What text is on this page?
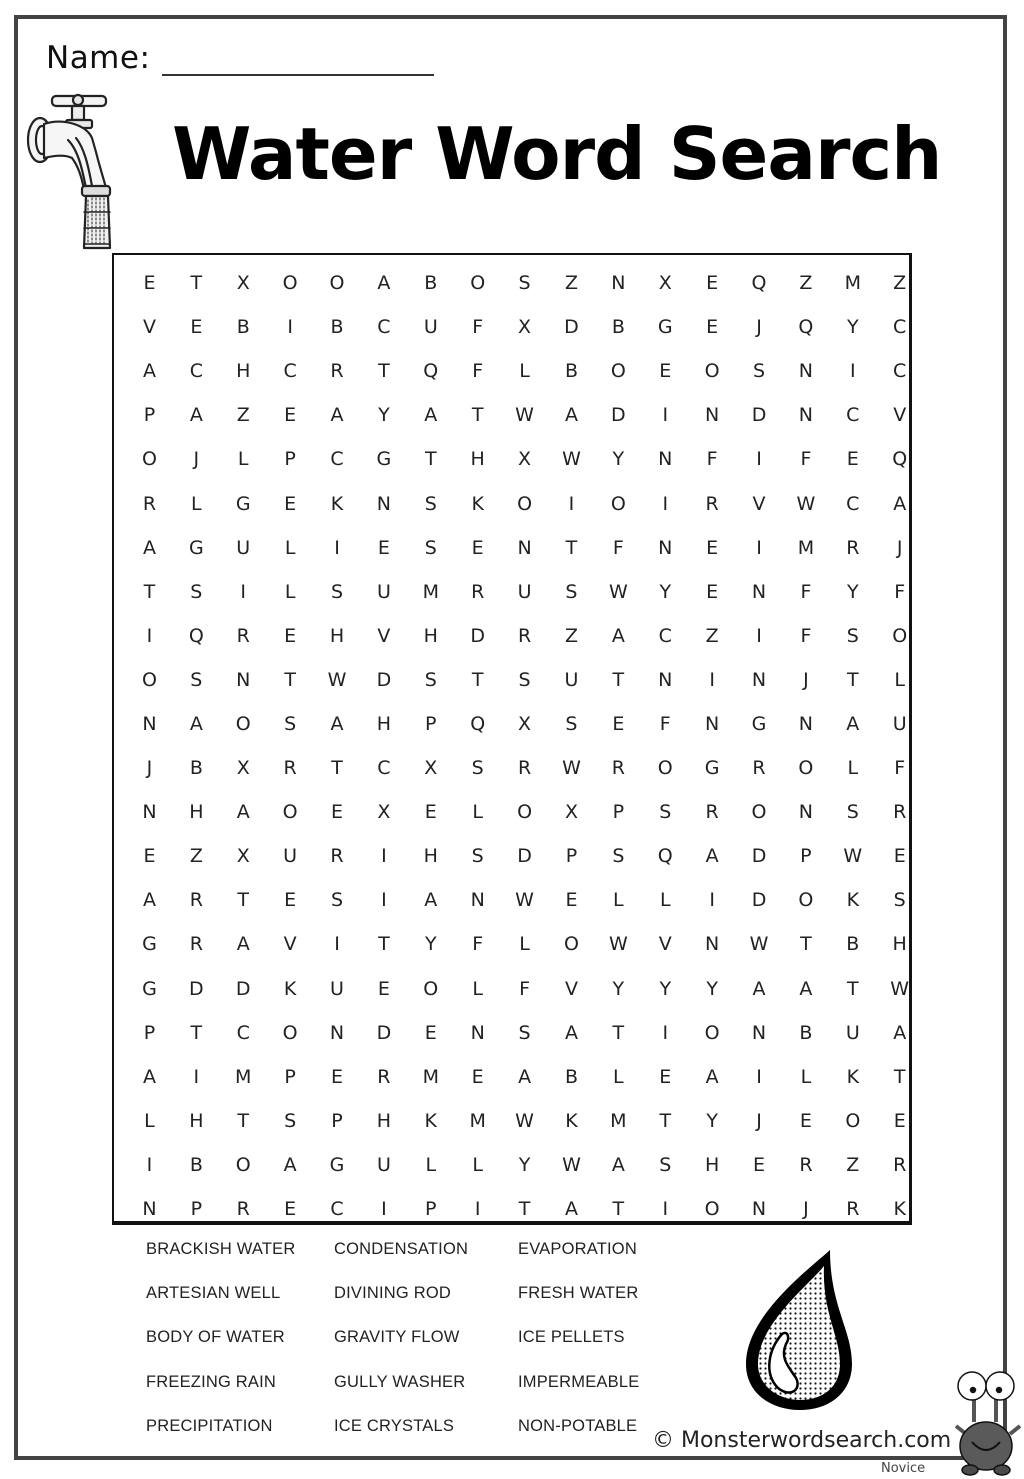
Name:
Water Word Search
E	T	X	O	O	A	B	O	S	Z	N	X	E	Q	Z	M	Z
V	E	B	I	B	C	U	F	X	D	B	G	E	J	Q	Y	C
A	C	H	C	R	T	Q	F	L	B	O	E	O	S	N	I	C
P	A	Z	E	A	Y	A	T	W	A	D	I	N	D	N	C	V
O	J	L	P	C	G	T	H	X	W	Y	N	F	I	F	E	Q
R	L	G	E	K	N	S	K	O	I	O	I	R	V	W	C	A
A	G	U	L	I	E	S	E	N	T	F	N	E	I	M	R	J
T	S	I	L	S	U	M	R	U	S	W	Y	E	N	F	Y	F
I	Q	R	E	H	V	H	D	R	Z	A	C	Z	I	F	S	O
O	S	N	T	W	D	S	T	S	U	T	N	I	N	J	T	L
N	A	O	S	A	H	P	Q	X	S	E	F	N	G	N	A	U
J	B	X	R	T	C	X	S	R	W	R	O	G	R	O	L	F
N	H	A	O	E	X	E	L	O	X	P	S	R	O	N	S	R
E	Z	X	U	R	I	H	S	D	P	S	Q	A	D	P	W	E
A	R	T	E	S	I	A	N	W	E	L	L	I	D	O	K	S
G	R	A	V	I	T	Y	F	L	O	W	V	N	W	T	B	H
G	D	D	K	U	E	O	L	F	V	Y	Y	Y	A	A	T	W
P	T	C	O	N	D	E	N	S	A	T	I	O	N	B	U	A
A	I	M	P	E	R	M	E	A	B	L	E	A	I	L	K	T
L	H	T	S	P	H	K	M	W	K	M	T	Y	J	E	O	E
I	B	O	A	G	U	L	L	Y	W	A	S	H	E	R	Z	R
N	P	R	E	C	I	P	I	T	A	T	I	O	N	J	R	K
BRACKISH WATER	CONDENSATION	EVAPORATION
ARTESIAN WELL	DIVINING ROD	FRESH WATER
BODY OF WATER	GRAVITY FLOW	ICE PELLETS
FREEZING RAIN	GULLY WASHER	IMPERMEABLE
PRECIPITATION	ICE CRYSTALS	NON-POTABLE
© Monsterwordsearch.com
Novice
